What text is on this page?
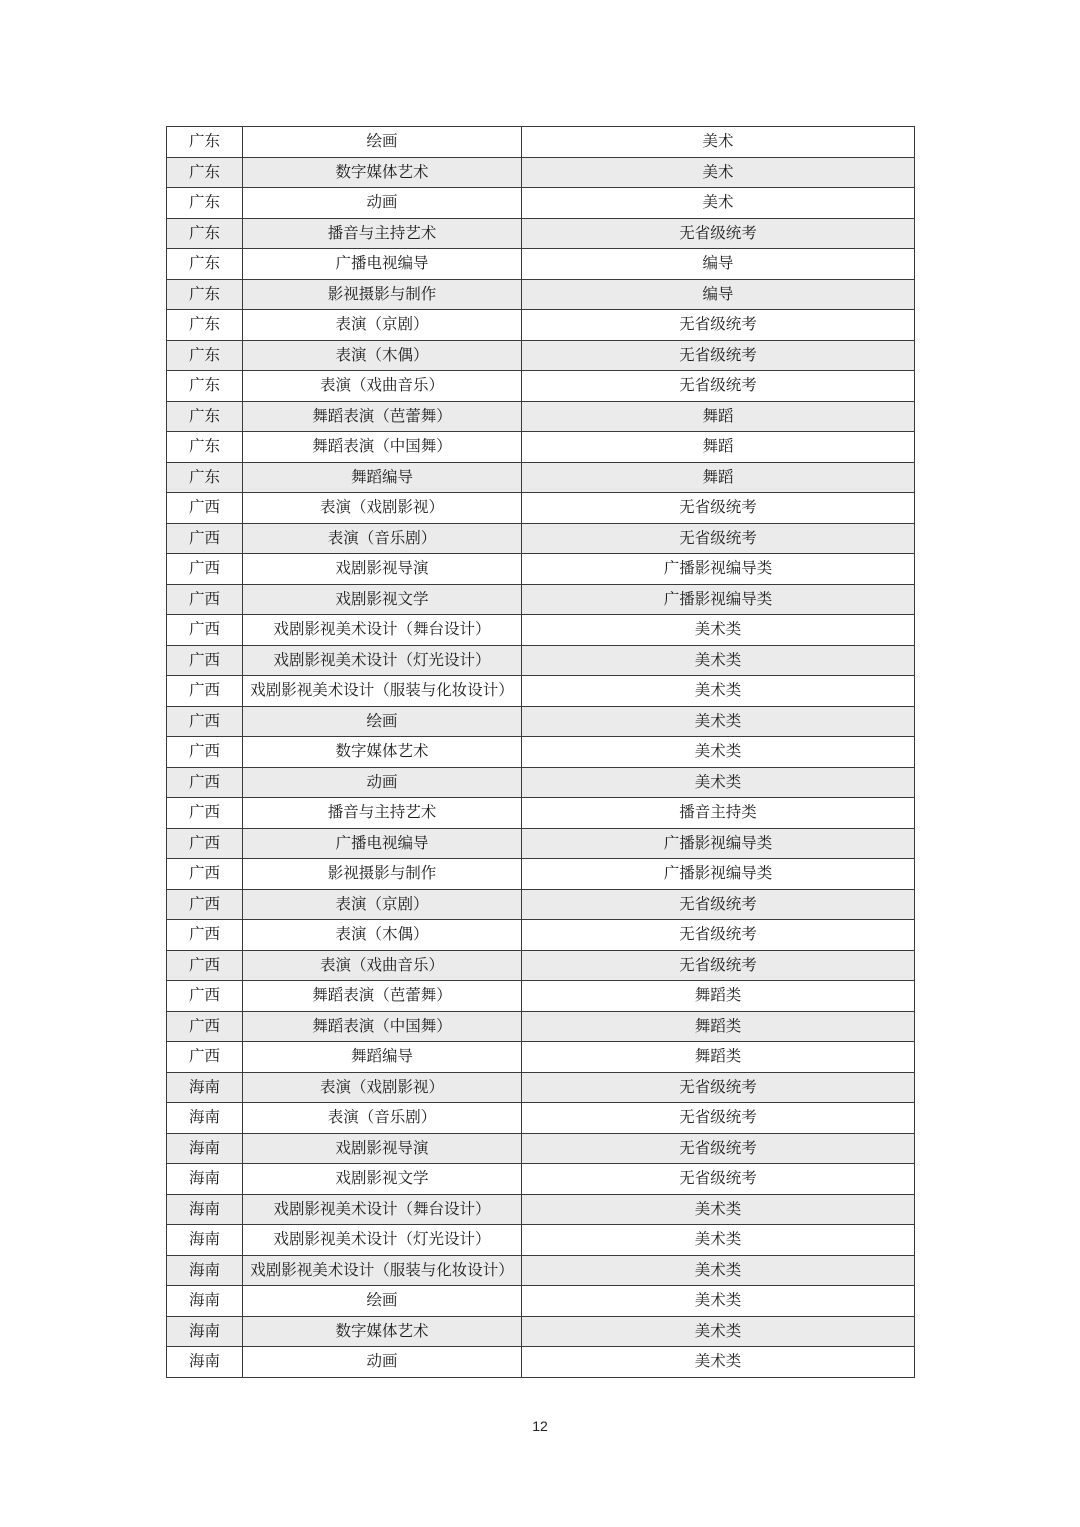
广东	绘画	美术
广东	数字媒体艺术	美术
广东	动画	美术
广东	播音与主持艺术	无省级统考
广东	广播电视编导	编导
广东	影视摄影与制作	编导
广东	表演（京剧）	无省级统考
广东	表演（木偶）	无省级统考
广东	表演（戏曲音乐）	无省级统考
广东	舞蹈表演（芭蕾舞）	舞蹈
广东	舞蹈表演（中国舞）	舞蹈
广东	舞蹈编导	舞蹈
广西	表演（戏剧影视）	无省级统考
广西	表演（音乐剧）	无省级统考
广西	戏剧影视导演	广播影视编导类
广西	戏剧影视文学	广播影视编导类
广西	戏剧影视美术设计（舞台设计）	美术类
广西	戏剧影视美术设计（灯光设计）	美术类
广西	戏剧影视美术设计（服装与化妆设计）	美术类
广西	绘画	美术类
广西	数字媒体艺术	美术类
广西	动画	美术类
广西	播音与主持艺术	播音主持类
广西	广播电视编导	广播影视编导类
广西	影视摄影与制作	广播影视编导类
广西	表演（京剧）	无省级统考
广西	表演（木偶）	无省级统考
广西	表演（戏曲音乐）	无省级统考
广西	舞蹈表演（芭蕾舞）	舞蹈类
广西	舞蹈表演（中国舞）	舞蹈类
广西	舞蹈编导	舞蹈类
海南	表演（戏剧影视）	无省级统考
海南	表演（音乐剧）	无省级统考
海南	戏剧影视导演	无省级统考
海南	戏剧影视文学	无省级统考
海南	戏剧影视美术设计（舞台设计）	美术类
海南	戏剧影视美术设计（灯光设计）	美术类
海南	戏剧影视美术设计（服装与化妆设计）	美术类
海南	绘画	美术类
海南	数字媒体艺术	美术类
海南	动画	美术类
12
